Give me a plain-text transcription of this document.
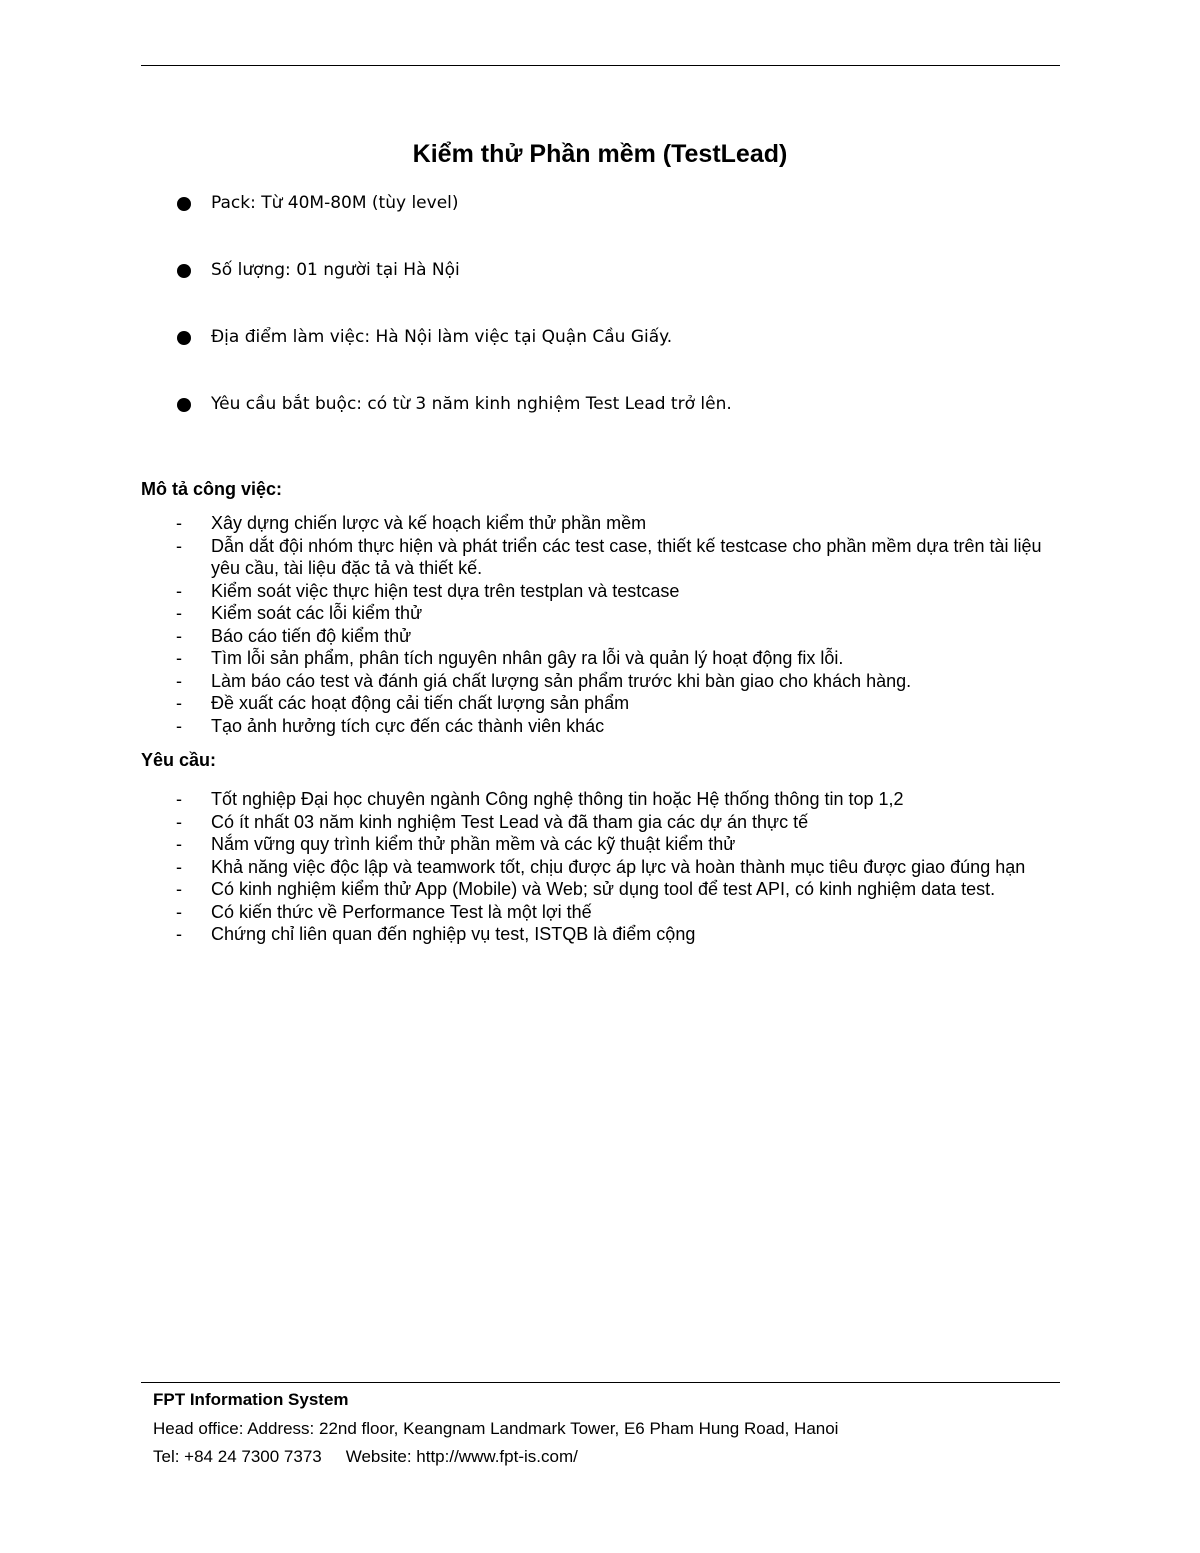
Kiểm thử Phần mềm (TestLead)
Pack: Từ 40M-80M (tùy level)
Số lượng: 01 người tại Hà Nội
Địa điểm làm việc: Hà Nội làm việc tại Quận Cầu Giấy.
Yêu cầu bắt buộc: có từ 3 năm kinh nghiệm Test Lead trở lên.
Mô tả công việc:
- Xây dựng chiến lược và kế hoạch kiểm thử phần mềm
- Dẫn dắt đội nhóm thực hiện và phát triển các test case, thiết kế testcase cho phần mềm dựa trên tài liệu yêu cầu, tài liệu đặc tả và thiết kế.
- Kiểm soát việc thực hiện test dựa trên testplan và testcase
- Kiểm soát các lỗi kiểm thử
- Báo cáo tiến độ kiểm thử
- Tìm lỗi sản phẩm, phân tích nguyên nhân gây ra lỗi và quản lý hoạt động fix lỗi.
- Làm báo cáo test và đánh giá chất lượng sản phẩm trước khi bàn giao cho khách hàng.
- Đề xuất các hoạt động cải tiến chất lượng sản phẩm
- Tạo ảnh hưởng tích cực đến các thành viên khác
Yêu cầu:
- Tốt nghiệp Đại học chuyên ngành Công nghệ thông tin hoặc Hệ thống thông tin top 1,2
- Có ít nhất 03 năm kinh nghiệm Test Lead và đã tham gia các dự án thực tế
- Nắm vững quy trình kiểm thử phần mềm và các kỹ thuật kiểm thử
- Khả năng việc độc lập và teamwork tốt, chịu được áp lực và hoàn thành mục tiêu được giao đúng hạn
- Có kinh nghiệm kiểm thử App (Mobile) và Web; sử dụng tool để test API, có kinh nghiệm data test.
- Có kiến thức về Performance Test là một lợi thế
- Chứng chỉ liên quan đến nghiệp vụ test, ISTQB là điểm cộng
FPT Information System
Head office: Address: 22nd floor, Keangnam Landmark Tower, E6 Pham Hung Road, Hanoi
Tel: +84 24 7300 7373 Website: http://www.fpt-is.com/
